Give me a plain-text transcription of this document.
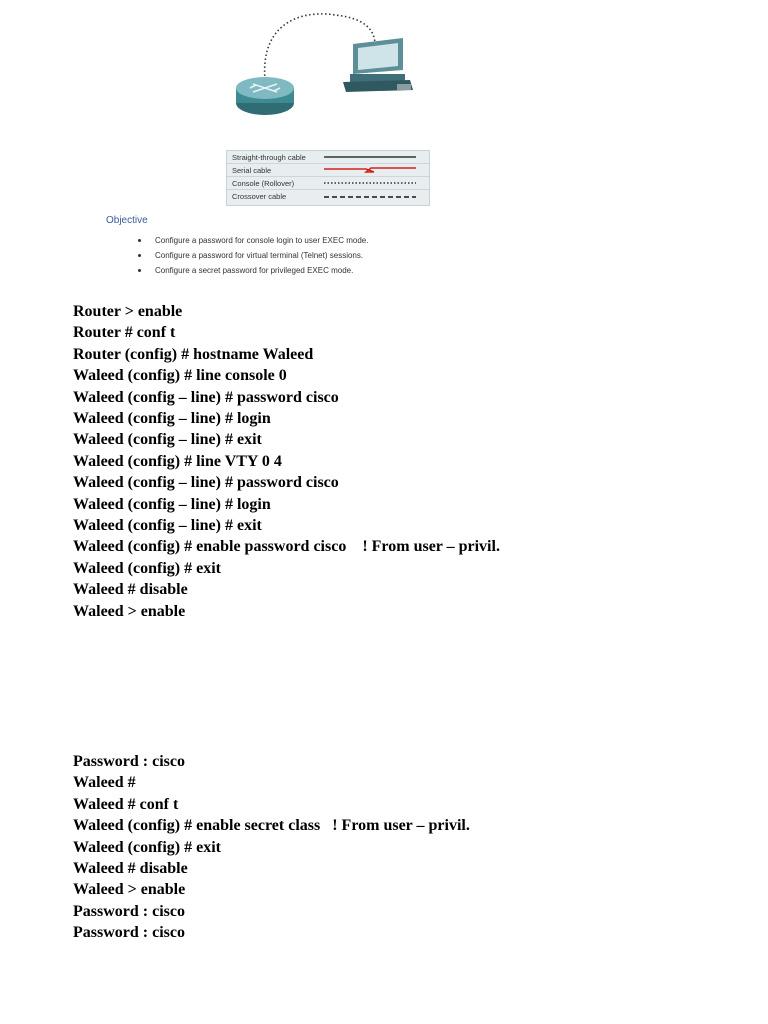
Straight-through cable
Serial cable
Console (Rollover)
Crossover cable
Objective
Configure a password for console login to user EXEC mode.
Configure a password for virtual terminal (Telnet) sessions.
Configure a secret password for privileged EXEC mode.
Router > enable
Router # conf t
Router (config) # hostname Waleed
Waleed (config) # line console 0
Waleed (config – line) # password cisco
Waleed (config – line) # login
Waleed (config – line) # exit
Waleed (config) # line VTY 0 4
Waleed (config – line) # password cisco
Waleed (config – line) # login
Waleed (config – line) # exit
Waleed (config) # enable password cisco    ! From user – privil.
Waleed (config) # exit
Waleed # disable
Waleed > enable
Password : cisco
Waleed #
Waleed # conf t
Waleed (config) # enable secret class   ! From user – privil.
Waleed (config) # exit
Waleed # disable
Waleed > enable
Password : cisco
Password : cisco
